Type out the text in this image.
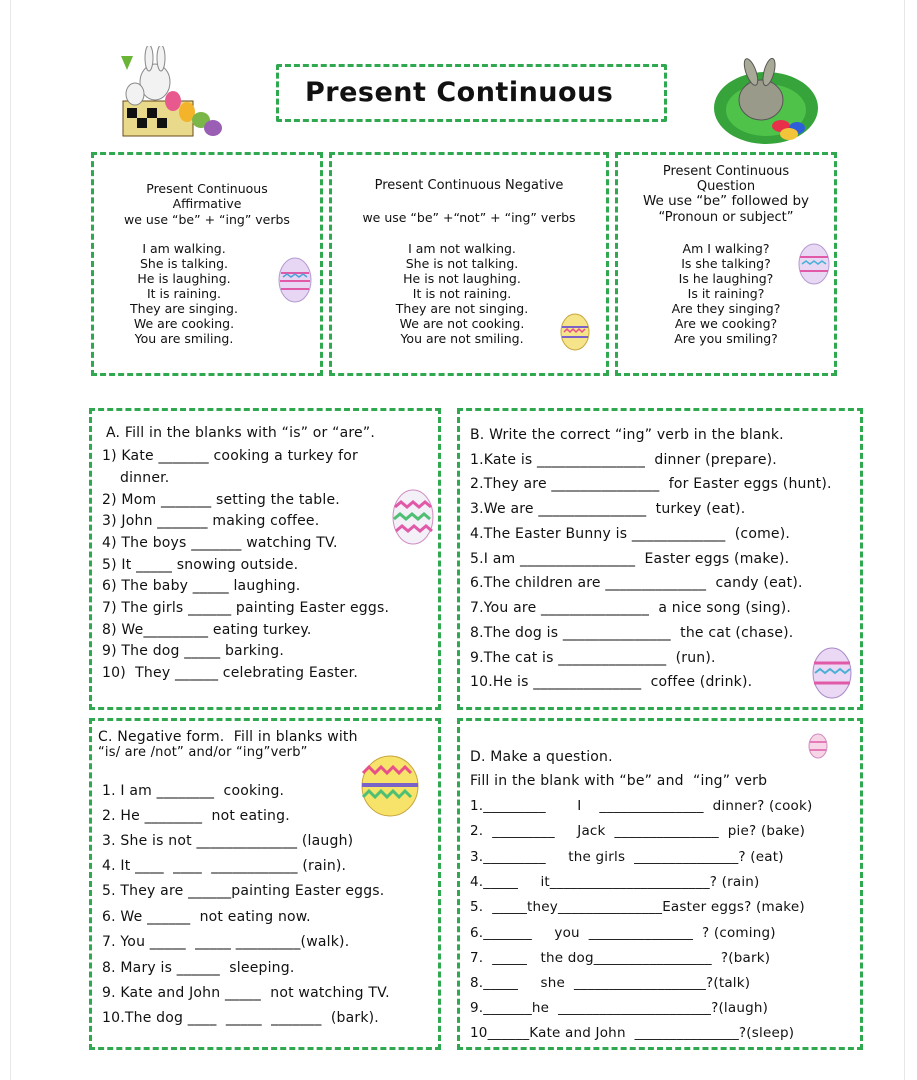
Present Continuous
Present Continuous
Affirmative
we use “be” + “ing” verbs
I am walking.
She is talking.
He is laughing.
It is raining.
They are singing.
We are cooking.
You are smiling.
Present Continuous Negative
we use “be” +“not” + “ing” verbs
I am not walking.
She is not talking.
He is not laughing.
It is not raining.
They are not singing.
We are not cooking.
You are not smiling.
Present Continuous
Question
We use “be” followed by
“Pronoun or subject”
Am I walking?
Is she talking?
Is he laughing?
Is it raining?
Are they singing?
Are we cooking?
Are you smiling?
A. Fill in the blanks with “is” or “are”.
1) Kate _______ cooking a turkey for
dinner.
2) Mom _______ setting the table.
3) John _______ making coffee.
4) The boys _______ watching TV.
5) It _____ snowing outside.
6) The baby _____ laughing.
7) The girls ______ painting Easter eggs.
8) We_________ eating turkey.
9) The dog _____ barking.
10)  They ______ celebrating Easter.
B. Write the correct “ing” verb in the blank.
1.Kate is _______________  dinner (prepare).
2.They are _______________  for Easter eggs (hunt).
3.We are _______________  turkey (eat).
4.The Easter Bunny is _____________  (come).
5.I am ________________  Easter eggs (make).
6.The children are ______________  candy (eat).
7.You are _______________  a nice song (sing).
8.The dog is _______________  the cat (chase).
9.The cat is _______________  (run).
10.He is _______________  coffee (drink).
C. Negative form.  Fill in blanks with
“is/ are /not” and/or “ing”verb”
1. I am ________  cooking.
2. He ________  not eating.
3. She is not ______________ (laugh)
4. It ____  ____  ____________ (rain).
5. They are ______painting Easter eggs.
6. We ______  not eating now.
7. You _____  _____ _________(walk).
8. Mary is ______  sleeping.
9. Kate and John _____  not watching TV.
10.The dog ____  _____  _______  (bark).
D. Make a question.
Fill in the blank with “be” and  “ing” verb
1._________       I    _______________  dinner? (cook)
2.  _________     Jack  _______________  pie? (bake)
3._________     the girls  _______________? (eat)
4._____     it_______________________? (rain)
5.  _____they_______________Easter eggs? (make)
6._______     you  _______________  ? (coming)
7.  _____   the dog_________________  ?(bark)
8._____     she  ___________________?(talk)
9._______he  ______________________?(laugh)
10______Kate and John  _______________?(sleep)
